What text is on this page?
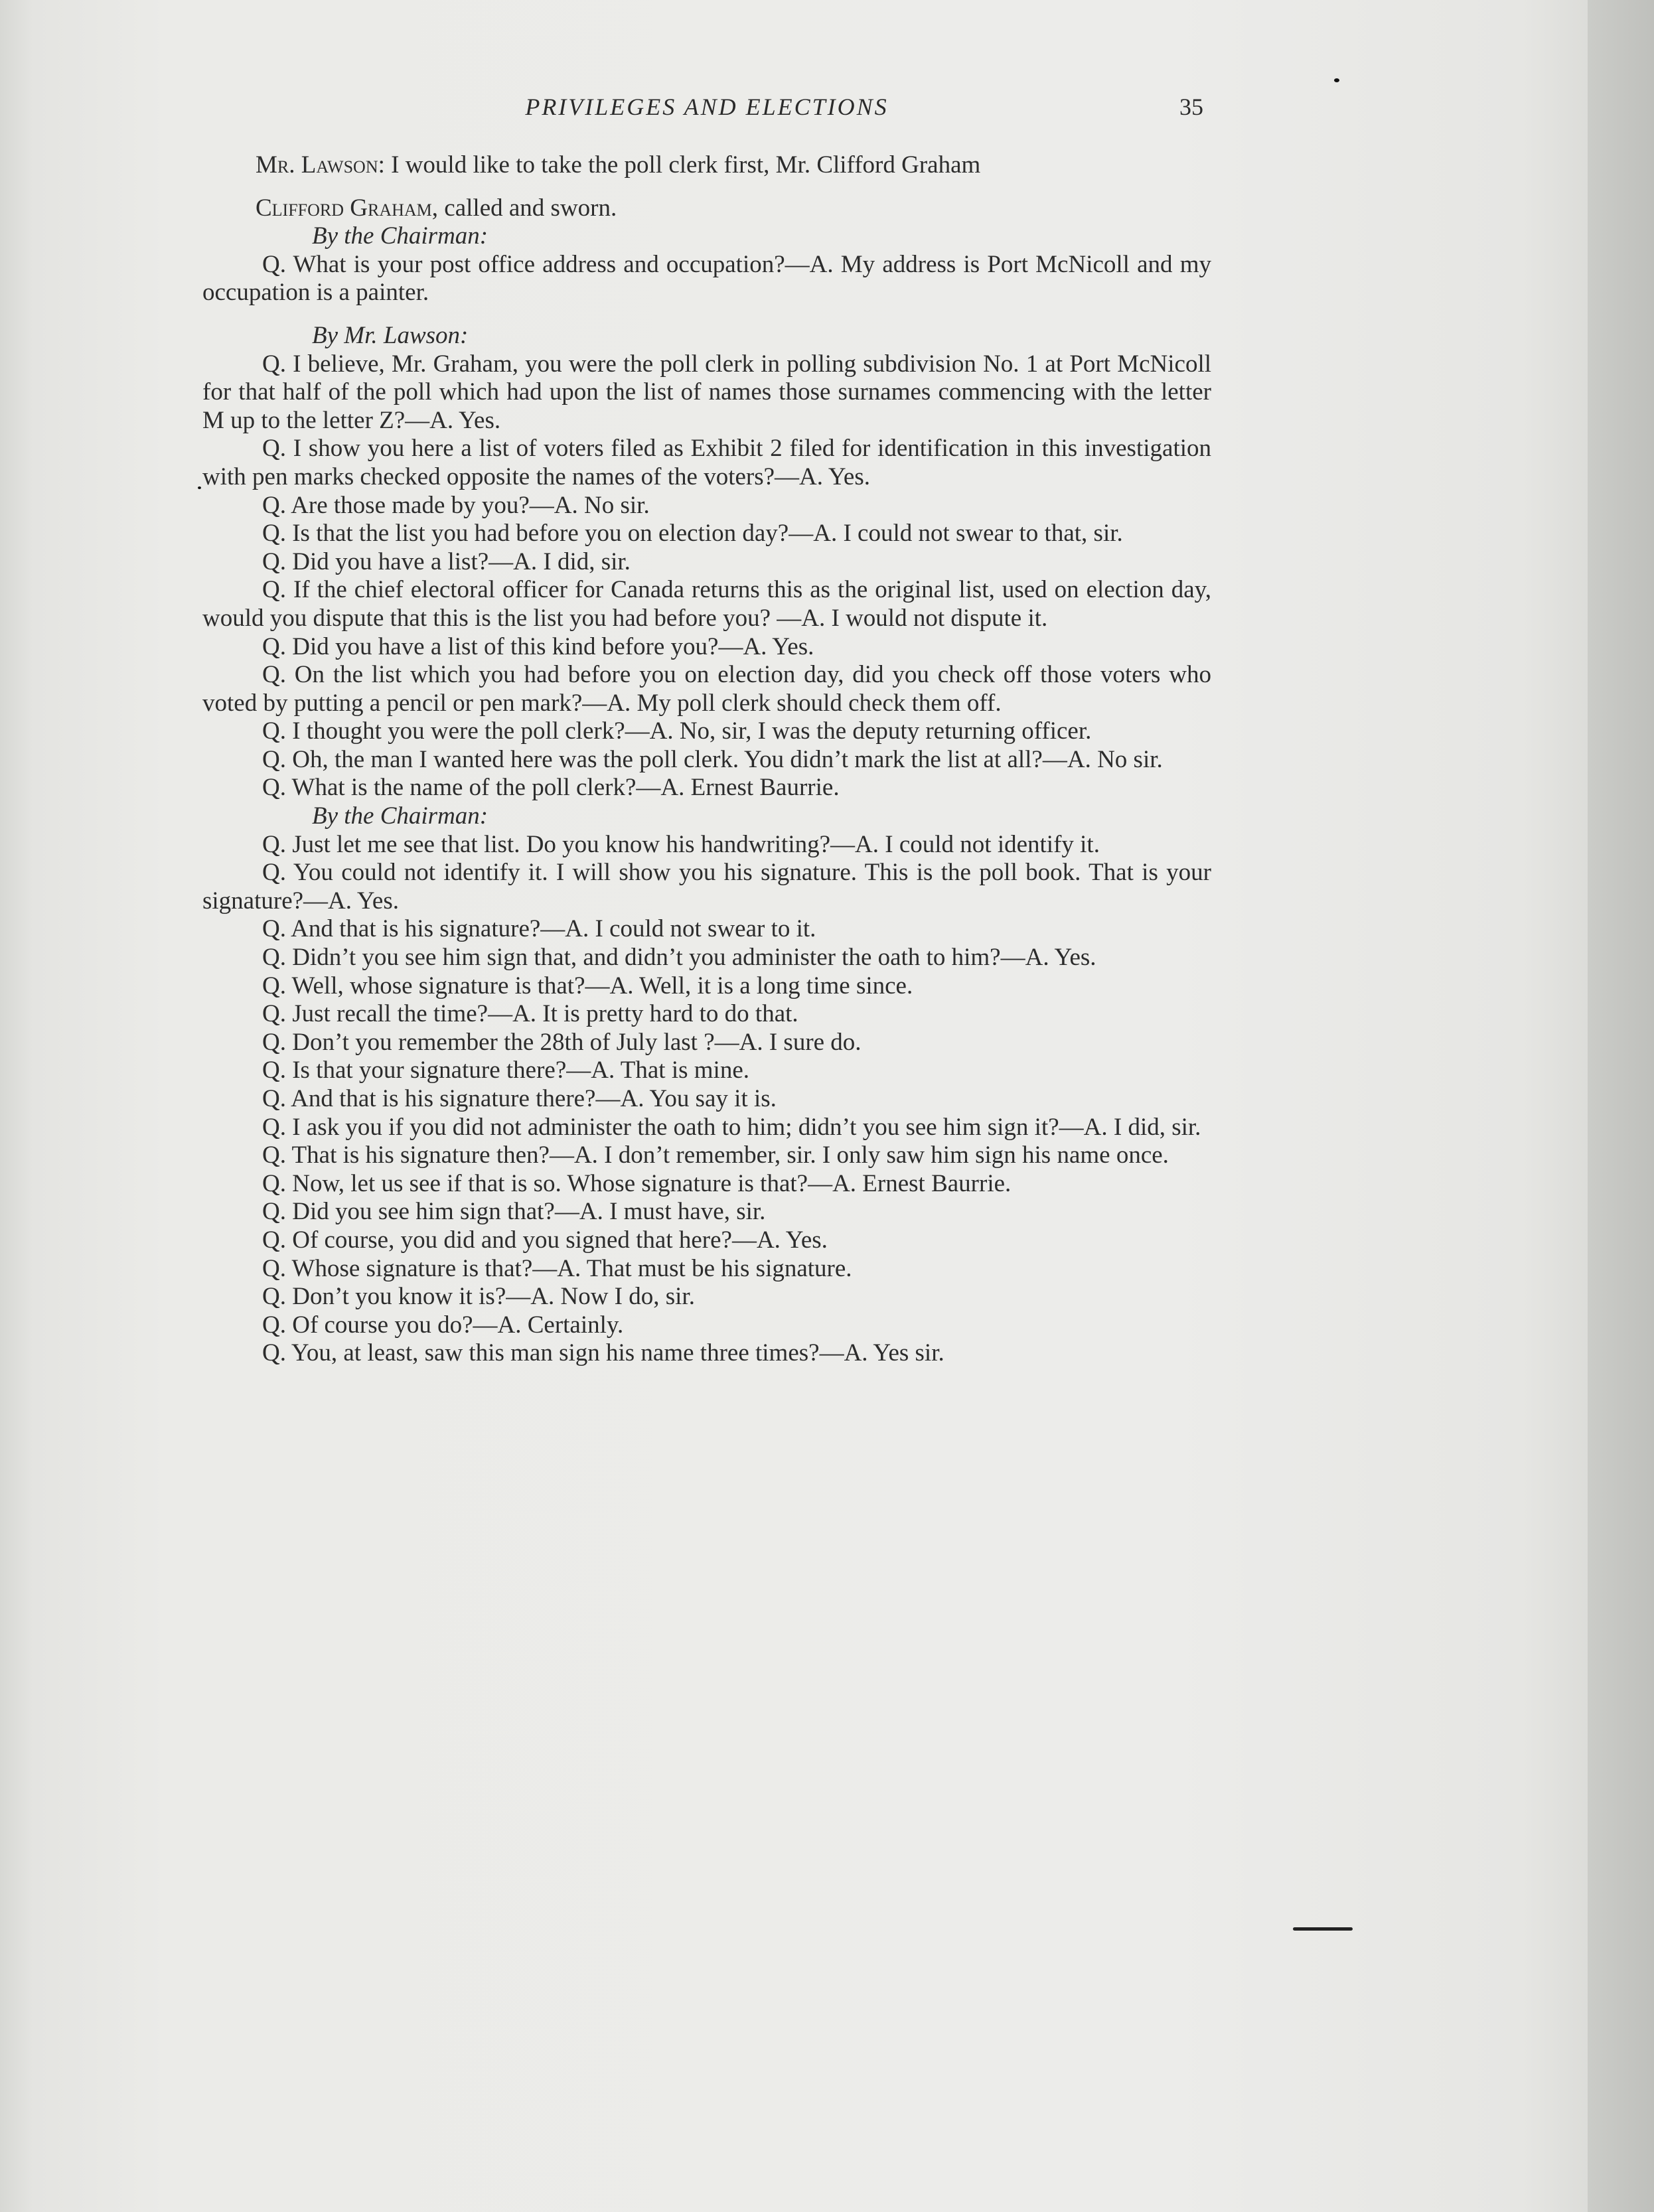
PRIVILEGES AND ELECTIONS	35

Mr. Lawson: I would like to take the poll clerk first, Mr. Clifford Graham

Clifford Graham, called and sworn.

By the Chairman:

Q. What is your post office address and occupation?—A. My address is Port McNicoll and my occupation is a painter.

By Mr. Lawson:

Q. I believe, Mr. Graham, you were the poll clerk in polling subdivision No. 1 at Port McNicoll for that half of the poll which had upon the list of names those surnames commencing with the letter M up to the letter Z?—A. Yes.

Q. I show you here a list of voters filed as Exhibit 2 filed for identification in this investigation with pen marks checked opposite the names of the voters?—A. Yes.

Q. Are those made by you?—A. No sir.

Q. Is that the list you had before you on election day?—A. I could not swear to that, sir.

Q. Did you have a list?—A. I did, sir.

Q. If the chief electoral officer for Canada returns this as the original list, used on election day, would you dispute that this is the list you had before you? —A. I would not dispute it.

Q. Did you have a list of this kind before you?—A. Yes.

Q. On the list which you had before you on election day, did you check off those voters who voted by putting a pencil or pen mark?—A. My poll clerk should check them off.

Q. I thought you were the poll clerk?—A. No, sir, I was the deputy returning officer.

Q. Oh, the man I wanted here was the poll clerk. You didn’t mark the list at all?—A. No sir.

Q. What is the name of the poll clerk?—A. Ernest Baurrie.

By the Chairman:

Q. Just let me see that list. Do you know his handwriting?—A. I could not identify it.

Q. You could not identify it. I will show you his signature. This is the poll book. That is your signature?—A. Yes.

Q. And that is his signature?—A. I could not swear to it.

Q. Didn’t you see him sign that, and didn’t you administer the oath to him?—A. Yes.

Q. Well, whose signature is that?—A. Well, it is a long time since.

Q. Just recall the time?—A. It is pretty hard to do that.

Q. Don’t you remember the 28th of July last ?—A. I sure do.

Q. Is that your signature there?—A. That is mine.

Q. And that is his signature there?—A. You say it is.

Q. I ask you if you did not administer the oath to him; didn’t you see him sign it?—A. I did, sir.

Q. That is his signature then?—A. I don’t remember, sir. I only saw him sign his name once.

Q. Now, let us see if that is so. Whose signature is that?—A. Ernest Baurrie.

Q. Did you see him sign that?—A. I must have, sir.

Q. Of course, you did and you signed that here?—A. Yes.

Q. Whose signature is that?—A. That must be his signature.

Q. Don’t you know it is?—A. Now I do, sir.

Q. Of course you do?—A. Certainly.

Q. You, at least, saw this man sign his name three times?—A. Yes sir.
